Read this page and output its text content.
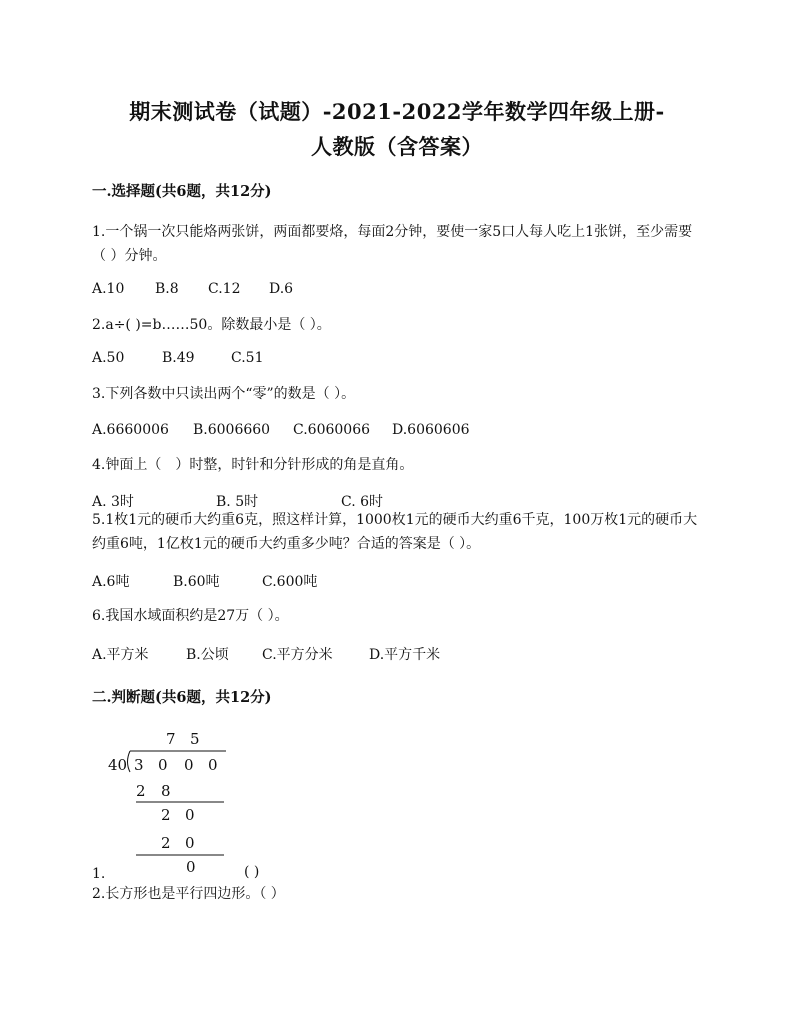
期末测试卷（试题）-2021-2022学年数学四年级上册-
人教版（含答案）
一.选择题(共6题，共12分)
1.一个锅一次只能烙两张饼，两面都要烙，每面2分钟，要使一家5口人每人吃上1张饼，至少需要（ ）分钟。
A.10 B.8 C.12 D.6
2.a÷( )=b……50。除数最小是（ ）。
A.50	B.49	C.51
3.下列各数中只读出两个“零”的数是（ ）。
A.6660006 B.6006660 C.6060066 D.6060606
4.钟面上（　）时整，时针和分针形成的角是直角。
A. 3时	B. 5时	C. 6时
5.1枚1元的硬币大约重6克，照这样计算，1000枚1元的硬币大约重6千克，100万枚1元的硬币大约重6吨，1亿枚1元的硬币大约重多少吨？合适的答案是（ ）。
A.6吨	B.60吨	C.600吨
6.我国水域面积约是27万（ ）。
A.平方米	B.公顷 C.平方分米	D.平方千米
二.判断题(共6题，共12分)
7 5
40 3 0 0 0
2 8
2 0
2 0
0
1.	( )
2.长方形也是平行四边形。（ ）
